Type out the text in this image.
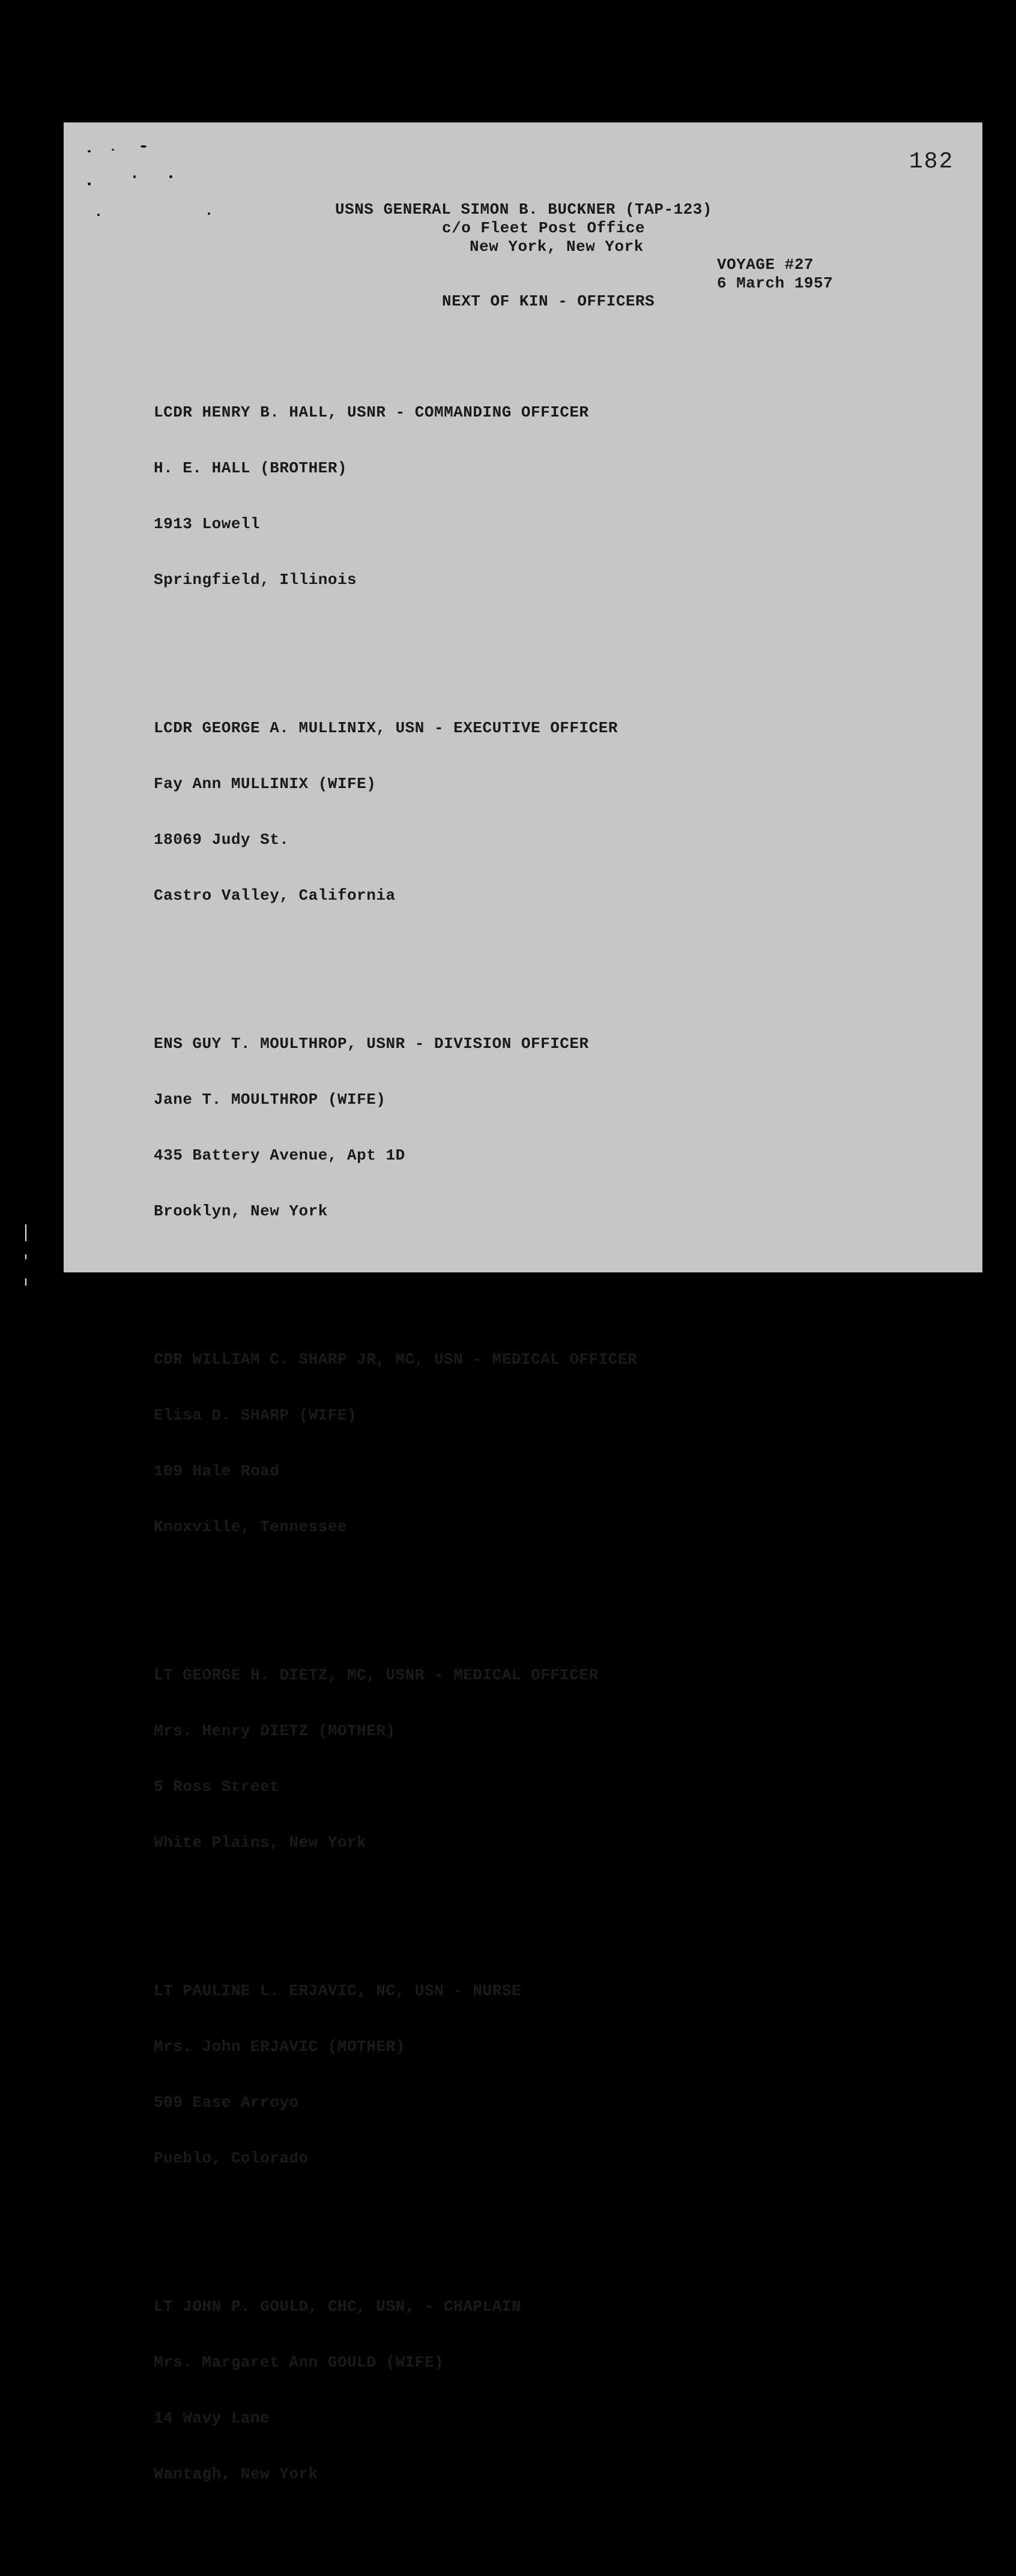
182
USNS GENERAL SIMON B. BUCKNER (TAP-123)
c/o Fleet Post Office
New York, New York
VOYAGE #27
6 March 1957
NEXT OF KIN - OFFICERS

LCDR HENRY B. HALL, USNR - COMMANDING OFFICER

H. E. HALL (BROTHER)

1913 Lowell

Springfield, Illinois

LCDR GEORGE A. MULLINIX, USN - EXECUTIVE OFFICER

Fay Ann MULLINIX (WIFE)

18069 Judy St.

Castro Valley, California

ENS GUY T. MOULTHROP, USNR - DIVISION OFFICER

Jane T. MOULTHROP (WIFE)

435 Battery Avenue, Apt 1D

Brooklyn, New York

CDR WILLIAM C. SHARP JR, MC, USN - MEDICAL OFFICER

Elisa D. SHARP (WIFE)

109 Hale Road

Knoxville, Tennessee

LT GEORGE H. DIETZ, MC, USNR - MEDICAL OFFICER

Mrs. Henry DIETZ (MOTHER)

5 Ross Street

White Plains, New York

LT PAULINE L. ERJAVIC, NC, USN - NURSE

Mrs. John ERJAVIC (MOTHER)

509 Ease Arroyo

Pueblo, Colorado

LT JOHN P. GOULD, CHC, USN, - CHAPLAIN

Mrs. Margaret Ann GOULD (WIFE)

14 Wavy Lane

Wantagh, New York
